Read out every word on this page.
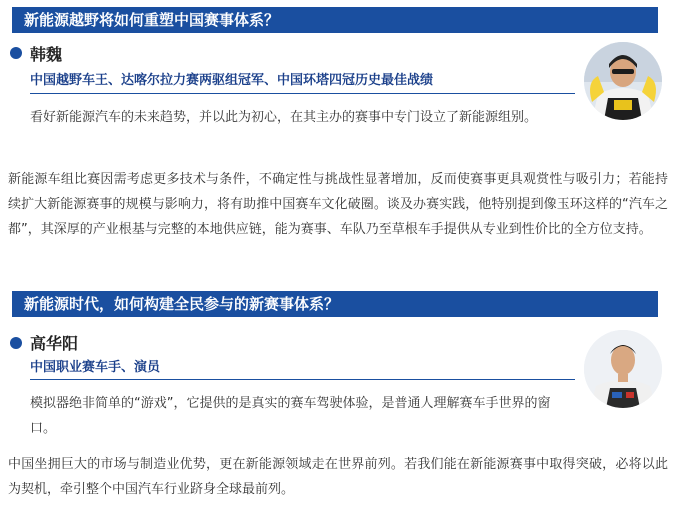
新能源越野将如何重塑中国赛事体系？
韩魏
中国越野车王、达喀尔拉力赛两驱组冠军、中国环塔四冠历史最佳战绩
看好新能源汽车的未来趋势，并以此为初心，在其主办的赛事中专门设立了新能源组别。
新能源车组比赛因需考虑更多技术与条件，不确定性与挑战性显著增加，反而使赛事更具观赏性与吸引力；若能持续扩大新能源赛事的规模与影响力，将有助推中国赛车文化破圈。谈及办赛实践，他特别提到像玉环这样的“汽车之都”，其深厚的产业根基与完整的本地供应链，能为赛事、车队乃至草根车手提供从专业到性价比的全方位支持。
新能源时代，如何构建全民参与的新赛事体系？
高华阳
中国职业赛车手、演员
模拟器绝非简单的“游戏”，它提供的是真实的赛车驾驶体验，是普通人理解赛车手世界的窗口。
中国坐拥巨大的市场与制造业优势，更在新能源领域走在世界前列。若我们能在新能源赛事中取得突破，必将以此为契机，牵引整个中国汽车行业跻身全球最前列。
